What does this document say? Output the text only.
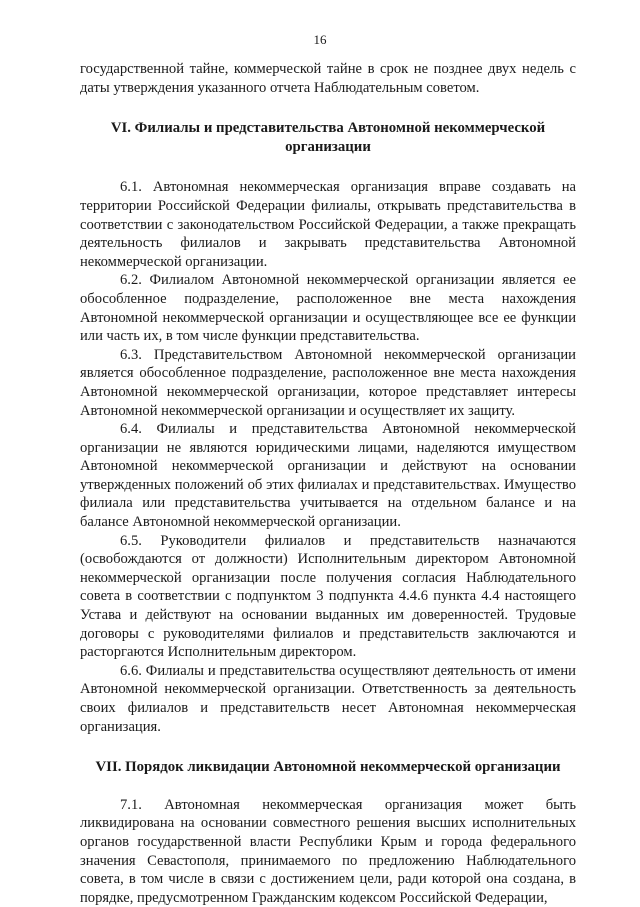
16

государственной тайне, коммерческой тайне в срок не позднее двух недель с даты утверждения указанного отчета Наблюдательным советом.

VI. Филиалы и представительства Автономной некоммерческой организации

6.1. Автономная некоммерческая организация вправе создавать на территории Российской Федерации филиалы, открывать представительства в соответствии с законодательством Российской Федерации, а также прекращать деятельность филиалов и закрывать представительства Автономной некоммерческой организации.

6.2. Филиалом Автономной некоммерческой организации является ее обособленное подразделение, расположенное вне места нахождения Автономной некоммерческой организации и осуществляющее все ее функции или часть их, в том числе функции представительства.

6.3. Представительством Автономной некоммерческой организации является обособленное подразделение, расположенное вне места нахождения Автономной некоммерческой организации, которое представляет интересы Автономной некоммерческой организации и осуществляет их защиту.

6.4. Филиалы и представительства Автономной некоммерческой организации не являются юридическими лицами, наделяются имуществом Автономной некоммерческой организации и действуют на основании утвержденных положений об этих филиалах и представительствах. Имущество филиала или представительства учитывается на отдельном балансе и на балансе Автономной некоммерческой организации.

6.5. Руководители филиалов и представительств назначаются (освобождаются от должности) Исполнительным директором Автономной некоммерческой организации после получения согласия Наблюдательного совета в соответствии с подпунктом 3 подпункта 4.4.6 пункта 4.4 настоящего Устава и действуют на основании выданных им доверенностей. Трудовые договоры с руководителями филиалов и представительств заключаются и расторгаются Исполнительным директором.

6.6. Филиалы и представительства осуществляют деятельность от имени Автономной некоммерческой организации. Ответственность за деятельность своих филиалов и представительств несет Автономная некоммерческая организация.

VII. Порядок ликвидации Автономной некоммерческой организации

7.1. Автономная некоммерческая организация может быть ликвидирована на основании совместного решения высших исполнительных органов государственной власти Республики Крым и города федерального значения Севастополя, принимаемого по предложению Наблюдательного совета, в том числе в связи с достижением цели, ради которой она создана, в порядке, предусмотренном Гражданским кодексом Российской Федерации,
